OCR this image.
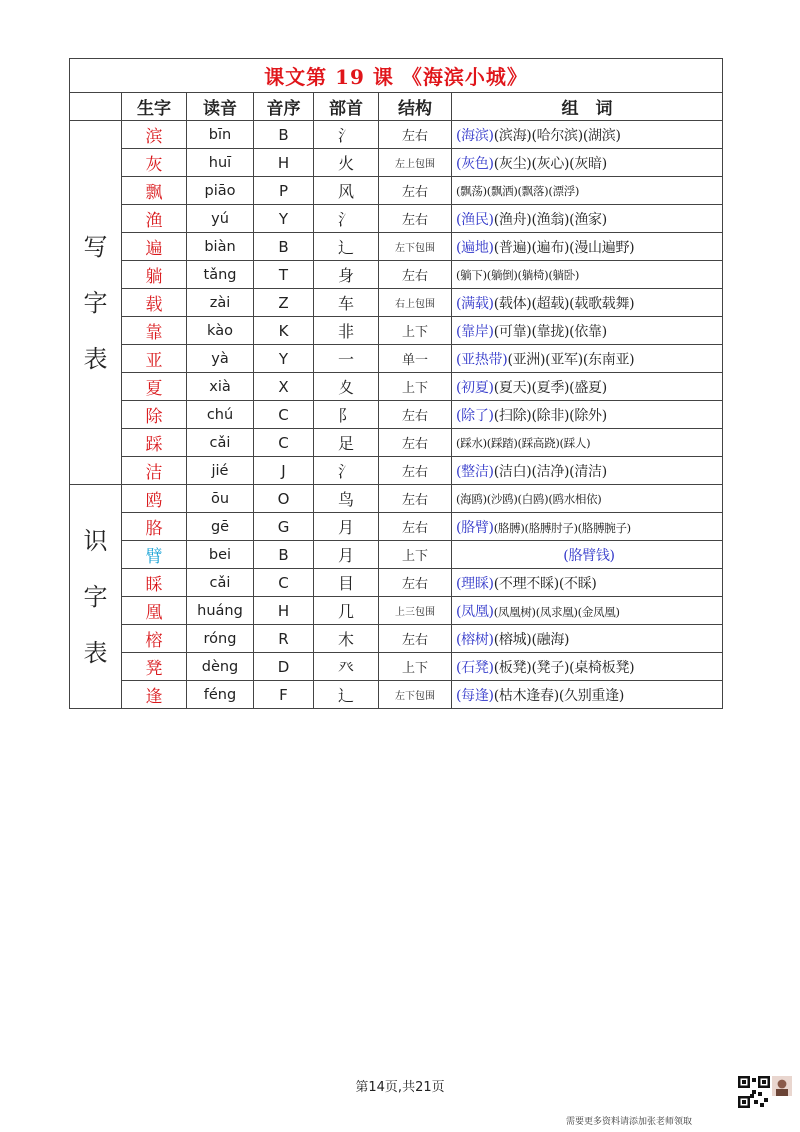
课文第 19 课 《海滨小城》						
	生字	读音	音序	部首	结构	组　词

写
字
表	滨	bīn	B	氵	左右	(海滨)(滨海)(哈尔滨)(湖滨)
	灰	huī	H	火	左上包围	(灰色)(灰尘)(灰心)(灰暗)
	飘	piāo	P	风	左右	(飘荡)(飘洒)(飘落)(漂浮)
	渔	yú	Y	氵	左右	(渔民)(渔舟)(渔翁)(渔家)
	遍	biàn	B	辶	左下包围	(遍地)(普遍)(遍布)(漫山遍野)
	躺	tǎng	T	身	左右	(躺下)(躺倒)(躺椅)(躺卧)
	载	zài	Z	车	右上包围	(满载)(载体)(超载)(载歌载舞)
	靠	kào	K	非	上下	(靠岸)(可靠)(靠拢)(依靠)
	亚	yà	Y	一	单一	(亚热带)(亚洲)(亚军)(东南亚)
	夏	xià	X	夊	上下	(初夏)(夏天)(夏季)(盛夏)
	除	chú	C	阝	左右	(除了)(扫除)(除非)(除外)
	踩	cǎi	C	足	左右	(踩水)(踩踏)(踩高跷)(踩人)
	洁	jié	J	氵	左右	(整洁)(洁白)(洁净)(清洁)

识
字
表	鸥	ōu	O	鸟	左右	(海鸥)(沙鸥)(白鸥)(鸥水相依)
	胳	gē	G	月	左右	(胳臂)(胳膊)(胳膊肘子)(胳膊腕子)
	臂	bei	B	月	上下	(胳臂钱)
	睬	cǎi	C	目	左右	(理睬)(不理不睬)(不睬)
	凰	huáng	H	几	上三包围	(凤凰)(凤凰树)(凤求凰)(金凤凰)
	榕	róng	R	木	左右	(榕树)(榕城)(融海)
	凳	dèng	D	癶	上下	(石凳)(板凳)(凳子)(桌椅板凳)
	逢	féng	F	辶	左下包围	(每逢)(枯木逢春)(久别重逢)
第14页,共21页
需要更多资料请添加张老师领取
